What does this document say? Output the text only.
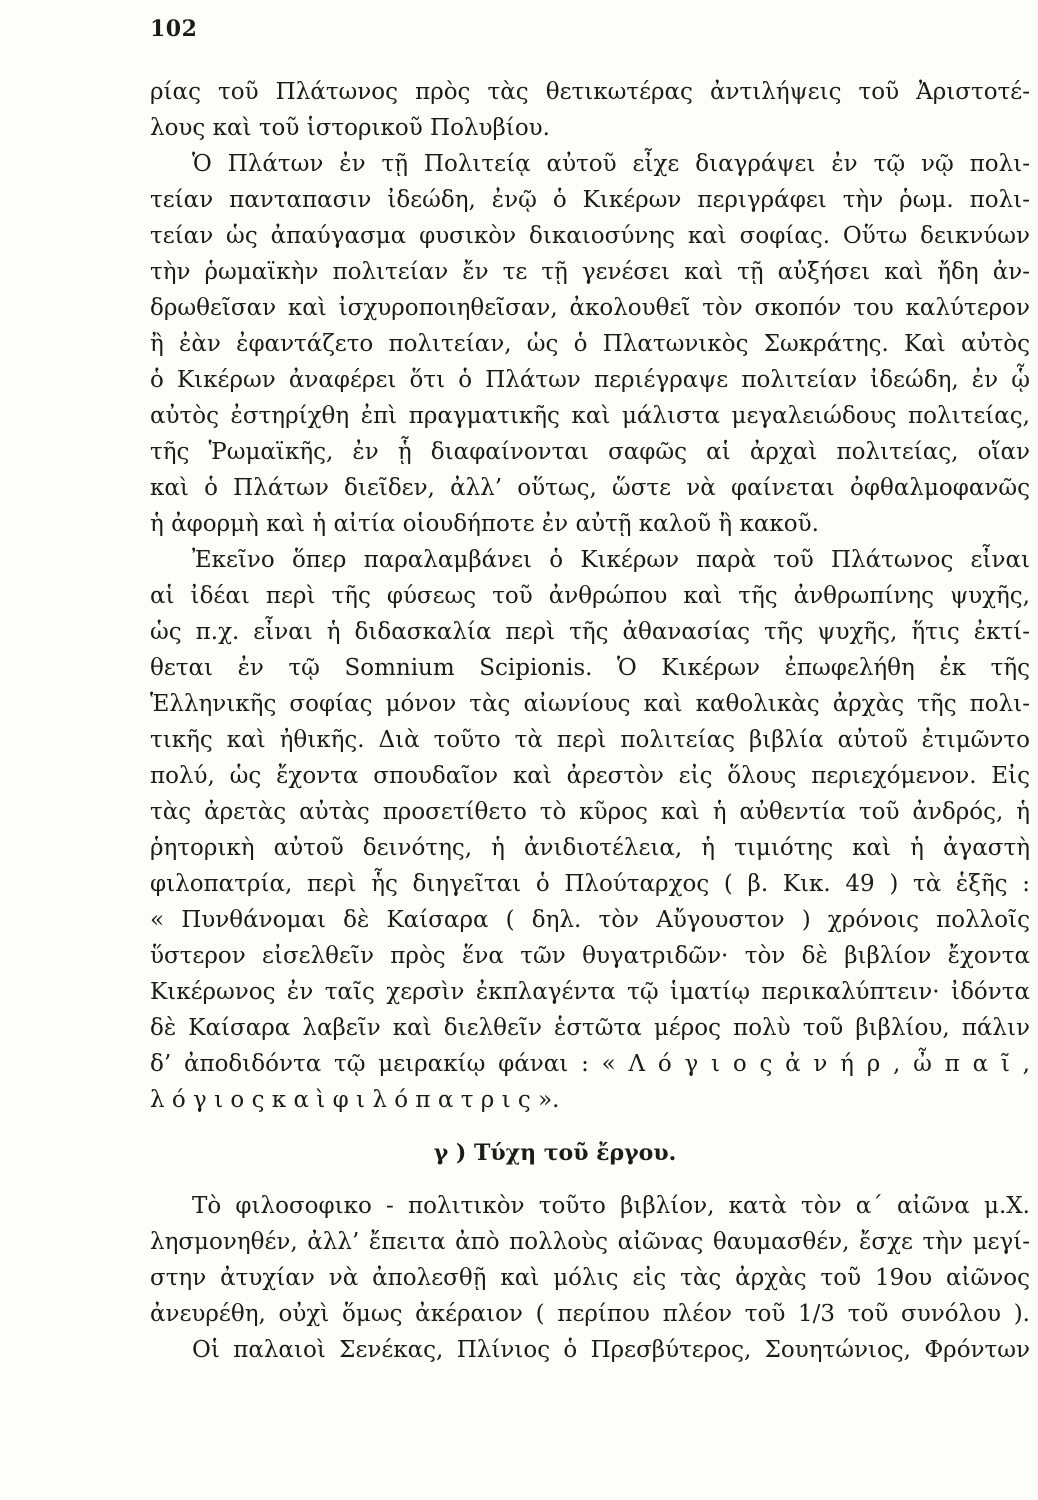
102
ρίας τοῦ Πλάτωνος πρὸς τὰς θετικωτέρας ἀντιλήψεις τοῦ Ἀριστοτέ-
λους καὶ τοῦ ἱστορικοῦ Πολυβίου.
Ὁ Πλάτων ἐν τῇ Πολιτείᾳ αὐτοῦ εἶχε διαγράψει ἐν τῷ νῷ πολι-
τείαν πανταπασιν ἰδεώδη, ἐνῷ ὁ Κικέρων περιγράφει τὴν ῥωμ. πολι-
τείαν ὡς ἀπαύγασμα φυσικὸν δικαιοσύνης καὶ σοφίας. Οὕτω δεικνύων
τὴν ῥωμαϊκὴν πολιτείαν ἔν τε τῇ γενέσει καὶ τῇ αὐξήσει καὶ ἤδη ἀν-
δρωθεῖσαν καὶ ἰσχυροποιηθεῖσαν, ἀκολουθεῖ τὸν σκοπόν του καλύτερον
ἢ ἐὰν ἐφαντάζετο πολιτείαν, ὡς ὁ Πλατωνικὸς Σωκράτης. Καὶ αὐτὸς
ὁ Κικέρων ἀναφέρει ὅτι ὁ Πλάτων περιέγραψε πολιτείαν ἰδεώδη, ἐν ᾧ
αὐτὸς ἐστηρίχθη ἐπὶ πραγματικῆς καὶ μάλιστα μεγαλειώδους πολιτείας,
τῆς Ῥωμαϊκῆς, ἐν ᾗ διαφαίνονται σαφῶς αἱ ἀρχαὶ πολιτείας, οἵαν
καὶ ὁ Πλάτων διεῖδεν, ἀλλ’ οὕτως, ὥστε νὰ φαίνεται ὀφθαλμοφανῶς
ἡ ἀφορμὴ καὶ ἡ αἰτία οἱουδήποτε ἐν αὐτῇ καλοῦ ἢ κακοῦ.
Ἐκεῖνο ὅπερ παραλαμβάνει ὁ Κικέρων παρὰ τοῦ Πλάτωνος εἶναι
αἱ ἰδέαι περὶ τῆς φύσεως τοῦ ἀνθρώπου καὶ τῆς ἀνθρωπίνης ψυχῆς,
ὡς π.χ. εἶναι ἡ διδασκαλία περὶ τῆς ἀθανασίας τῆς ψυχῆς, ἥτις ἐκτί-
θεται ἐν τῷ Somnium Scipionis. Ὁ Κικέρων ἐπωφελήθη ἐκ τῆς
Ἑλληνικῆς σοφίας μόνον τὰς αἰωνίους καὶ καθολικὰς ἀρχὰς τῆς πολι-
τικῆς καὶ ἠθικῆς. Διὰ τοῦτο τὰ περὶ πολιτείας βιβλία αὐτοῦ ἐτιμῶντο
πολύ, ὡς ἔχοντα σπουδαῖον καὶ ἀρεστὸν εἰς ὅλους περιεχόμενον. Εἰς
τὰς ἀρετὰς αὐτὰς προσετίθετο τὸ κῦρος καὶ ἡ αὐθεντία τοῦ ἀνδρός, ἡ
ῥητορικὴ αὐτοῦ δεινότης, ἡ ἀνιδιοτέλεια, ἡ τιμιότης καὶ ἡ ἀγαστὴ
φιλοπατρία, περὶ ἧς διηγεῖται ὁ Πλούταρχος ( β. Κικ. 49 ) τὰ ἑξῆς :
« Πυνθάνομαι δὲ Καίσαρα ( δηλ. τὸν Αὔγουστον ) χρόνοις πολλοῖς
ὕστερον εἰσελθεῖν πρὸς ἕνα τῶν θυγατριδῶν· τὸν δὲ βιβλίον ἔχοντα
Κικέρωνος ἐν ταῖς χερσὶν ἐκπλαγέντα τῷ ἱματίῳ περικαλύπτειν· ἰδόντα
δὲ Καίσαρα λαβεῖν καὶ διελθεῖν ἑστῶτα μέρος πολὺ τοῦ βιβλίου, πάλιν
δ’ ἀποδιδόντα τῷ μειρακίῳ φάναι : « Λ ό γ ι ο ς ἀ ν ή ρ , ὦ π α ῖ ,
λ ό γ ι ο ς κ α ὶ φ ι λ ό π α τ ρ ι ς ».
γ ) Τύχη τοῦ ἔργου.
Τὸ φιλοσοφικο - πολιτικὸν τοῦτο βιβλίον, κατὰ τὸν α΄ αἰῶνα μ.Χ.
λησμονηθέν, ἀλλ’ ἔπειτα ἀπὸ πολλοὺς αἰῶνας θαυμασθέν, ἔσχε τὴν μεγί-
στην ἀτυχίαν νὰ ἀπολεσθῇ καὶ μόλις εἰς τὰς ἀρχὰς τοῦ 19ου αἰῶνος
ἀνευρέθη, οὐχὶ ὅμως ἀκέραιον ( περίπου πλέον τοῦ 1/3 τοῦ συνόλου ).
Οἱ παλαιοὶ Σενέκας, Πλίνιος ὁ Πρεσβύτερος, Σουητώνιος, Φρόντων
